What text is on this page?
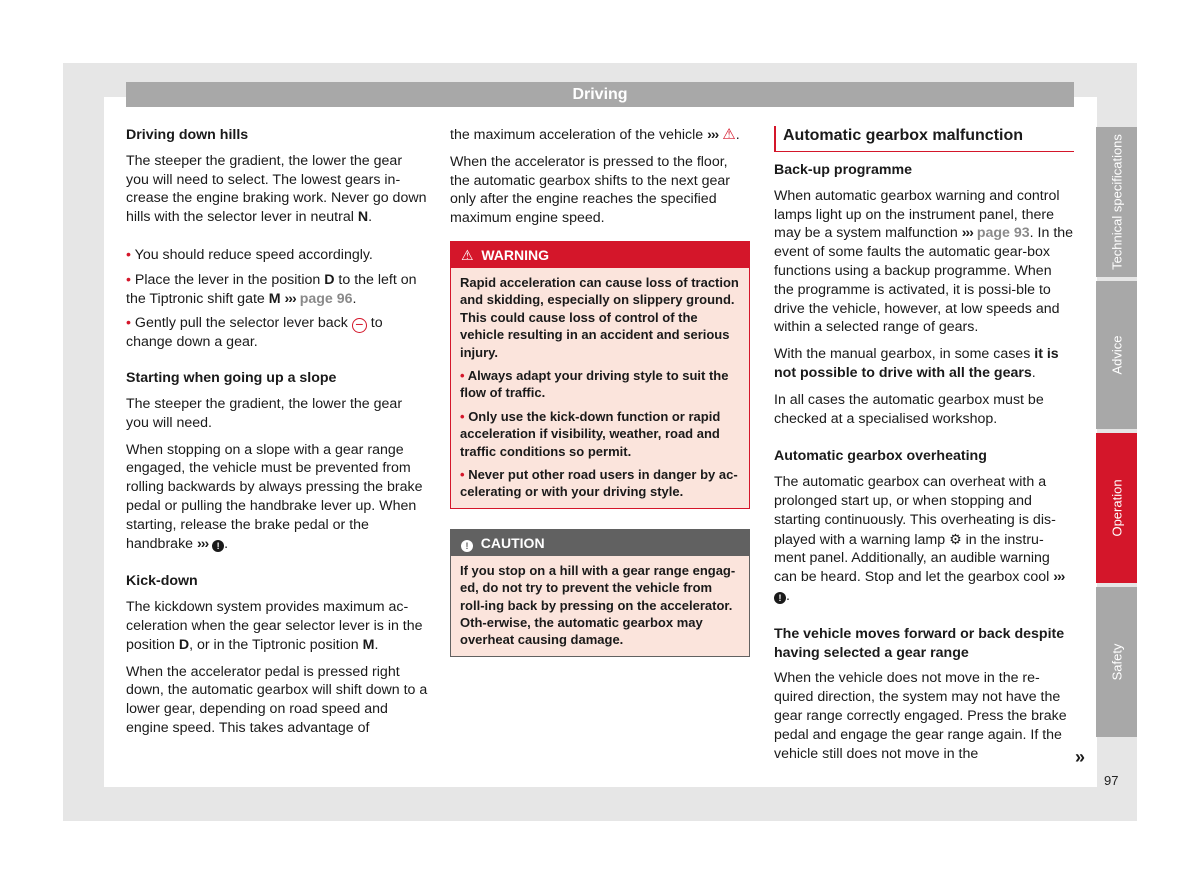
Driving
Driving down hills

The steeper the gradient, the lower the gear you will need to select. The lowest gears in-crease the engine braking work. Never go down hills with the selector lever in neutral N.

• You should reduce speed accordingly.

• Place the lever in the position D to the left on the Tiptronic shift gate M ››› page 96.

• Gently pull the selector lever back − to change down a gear.

Starting when going up a slope

The steeper the gradient, the lower the gear you will need.

When stopping on a slope with a gear range engaged, the vehicle must be prevented from rolling backwards by always pressing the brake pedal or pulling the handbrake lever up. When starting, release the brake pedal or the handbrake ››› ! .

Kick-down

The kickdown system provides maximum ac-celeration when the gear selector lever is in the position D, or in the Tiptronic position M.

When the accelerator pedal is pressed right down, the automatic gearbox will shift down to a lower gear, depending on road speed and engine speed. This takes advantage of

the maximum acceleration of the vehicle ››› ⚠.

When the accelerator is pressed to the floor, the automatic gearbox shifts to the next gear only after the engine reaches the specified maximum engine speed.

⚠ WARNING

Rapid acceleration can cause loss of traction and skidding, especially on slippery ground. This could cause loss of control of the vehicle resulting in an accident and serious injury.

• Always adapt your driving style to suit the flow of traffic.

• Only use the kick-down function or rapid acceleration if visibility, weather, road and traffic conditions so permit.

• Never put other road users in danger by ac-celerating or with your driving style.

! CAUTION

If you stop on a hill with a gear range engag-ed, do not try to prevent the vehicle from roll-ing back by pressing on the accelerator. Oth-erwise, the automatic gearbox may overheat causing damage.

Automatic gearbox malfunction
Back-up programme

When automatic gearbox warning and control lamps light up on the instrument panel, there may be a system malfunction ››› page 93. In the event of some faults the automatic gear-box functions using a backup programme. When the programme is activated, it is possi-ble to drive the vehicle, however, at low speeds and within a selected range of gears.

With the manual gearbox, in some cases it is not possible to drive with all the gears.

In all cases the automatic gearbox must be checked at a specialised workshop.

Automatic gearbox overheating

The automatic gearbox can overheat with a prolonged start up, or when stopping and starting continuously. This overheating is dis-played with a warning lamp ⚙ in the instru-ment panel. Additionally, an audible warning can be heard. Stop and let the gearbox cool ››› ! .

The vehicle moves forward or back despite having selected a gear range

When the vehicle does not move in the re-quired direction, the system may not have the gear range correctly engaged. Press the brake pedal and engage the gear range again. If the vehicle still does not move in the	»
Technical specifications
Advice
Operation
Safety
97
